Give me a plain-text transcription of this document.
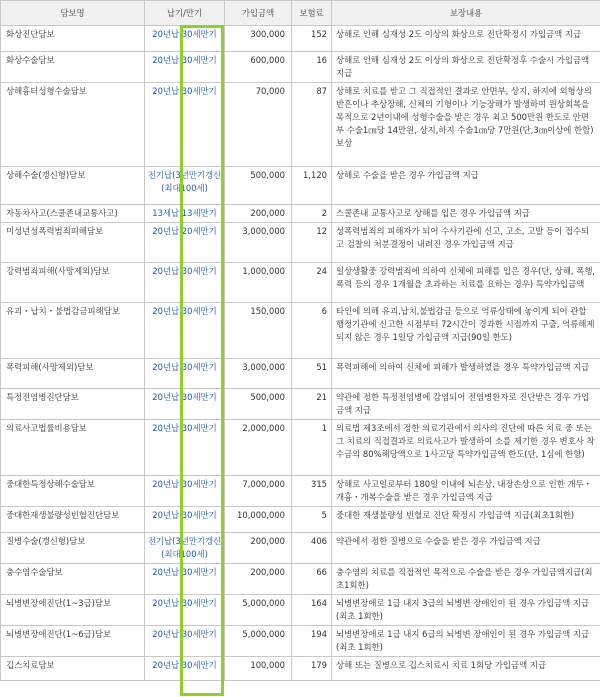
담보명	납기/만기	가입금액	보험료	보장내용
화상진단담보	20년납 30세만기	300,000	152	상해로 인해 심재성 2도 이상의 화상으로 진단확정시 가입금액 지급
화상수술담보	20년납 30세만기	600,000	16	상해로 인해 심재성 2도 이상의 화상으로 진단확정후 수술시 가입금액 지급
상해흉터성형수술담보	20년납 30세만기	70,000	87	상해로 치료를 받고 그 직접적인 결과로 안면부, 상지, 하지에 외형상의 반흔이나 추상장해, 신체의 기형이나 기능장해가 발생하여 원상회복을 목적으로 2년이내에 성형수술을 받은 경우 최고 500만원 한도로 안면부 수술1㎝당 14만원, 상지,하지 수술1㎝당 7만원(단,3㎝이상에 한함) 보상
상해수술(갱신형)담보	전기납(3년만기갱신(최대100세)	500,000	1,120	상해로 수술을 받은 경우 가입금액 지급
자동차사고(스쿨존내교통사고)	13세납 13세만기	200,000	2	스쿨존내 교통사고로 상해를 입은 경우 가입금액 지급
미성년성폭력범죄피해담보	20년납 20세만기	3,000,000	12	성폭력범죄의 피해자가 되어 수사기관에 신고, 고소, 고발 등이 접수되고 검찰의 처분결정이 내려진 경우 가입금액 지급
강력범죄피해(사망제외)담보	20년납 30세만기	1,000,000	24	일상생활중 강력범죄에 의하여 신체에 피해를 입은 경우(단, 상해, 폭행, 폭력 등의 경우 1개월을 초과하는 치료를 요하는 경우) 특약가입금액
유괴・납치・불법감금피해담보	20년납 30세만기	150,000	6	타인에 의해 유괴,납치,불법감금 등으로 억류상태에 놓이게 되어 관할 행정기관에 신고한 시점부터 72시간이 경과한 시점까지 구출, 억류해제되지 않은 경우 1일당 가입금액 지급(90일 한도)
폭력피해(사망제외)담보	20년납 30세만기	3,000,000	51	폭력피해에 의하여 신체에 피해가 발생하였을 경우 특약가입금액 지급
특정전염병진단담보	20년납 30세만기	500,000	21	약관에 정한 특정전염병에 감염되어 전염병환자로 진단받은 경우 가입금액 지급
의료사고법률비용담보	20년납 30세만기	2,000,000	1	의료법 제3조에서 정한 의료기관에서 의사의 진단에 따른 치료 중 또는 그 치료의 직접결과로 의료사고가 발생하여 소를 제기한 경우 변호사 착수금의 80%해당액으로 1사고당 특약가입금액 한도(단, 1심에 한함)
중대한특정상해수술담보	20년납 30세만기	7,000,000	315	상해로 사고일로부터 180일 이내에 뇌손상, 내장손상으로 인한 개두・개흉・개복수술을 받은 경우 가입금액 지급
중대한재생불량성빈혈진단담보	20년납 30세만기	10,000,000	5	중대한 재생불량성 빈혈로 진단 확정시 가입금액 지급(최초1회한)
질병수술(갱신형)담보	전기납(3년만기갱신(최대100세)	200,000	406	약관에서 정한 질병으로 수술을 받은 경우 가입금액 지급
충수염수술담보	20년납 30세만기	200,000	66	충수염의 치료를 직접적인 목적으로 수술을 받은 경우 가입금액지급(최초1회한)
뇌병변장애진단(1~3급)담보	20년납 30세만기	5,000,000	164	뇌병변장애로 1급 내지 3급의 뇌병변 장애인이 된 경우 가입금액 지급(최초 1회한)
뇌병변장애진단(1~6급)담보	20년납 30세만기	5,000,000	194	뇌병변장애로 1급 내지 6급의 뇌병변 장애인이 된 경우 가입금액 지급(최초 1회한)
깁스치료담보	20년납 30세만기	100,000	179	상해 또는 질병으로 깁스치료시 치료 1회당 가입금액 지급
